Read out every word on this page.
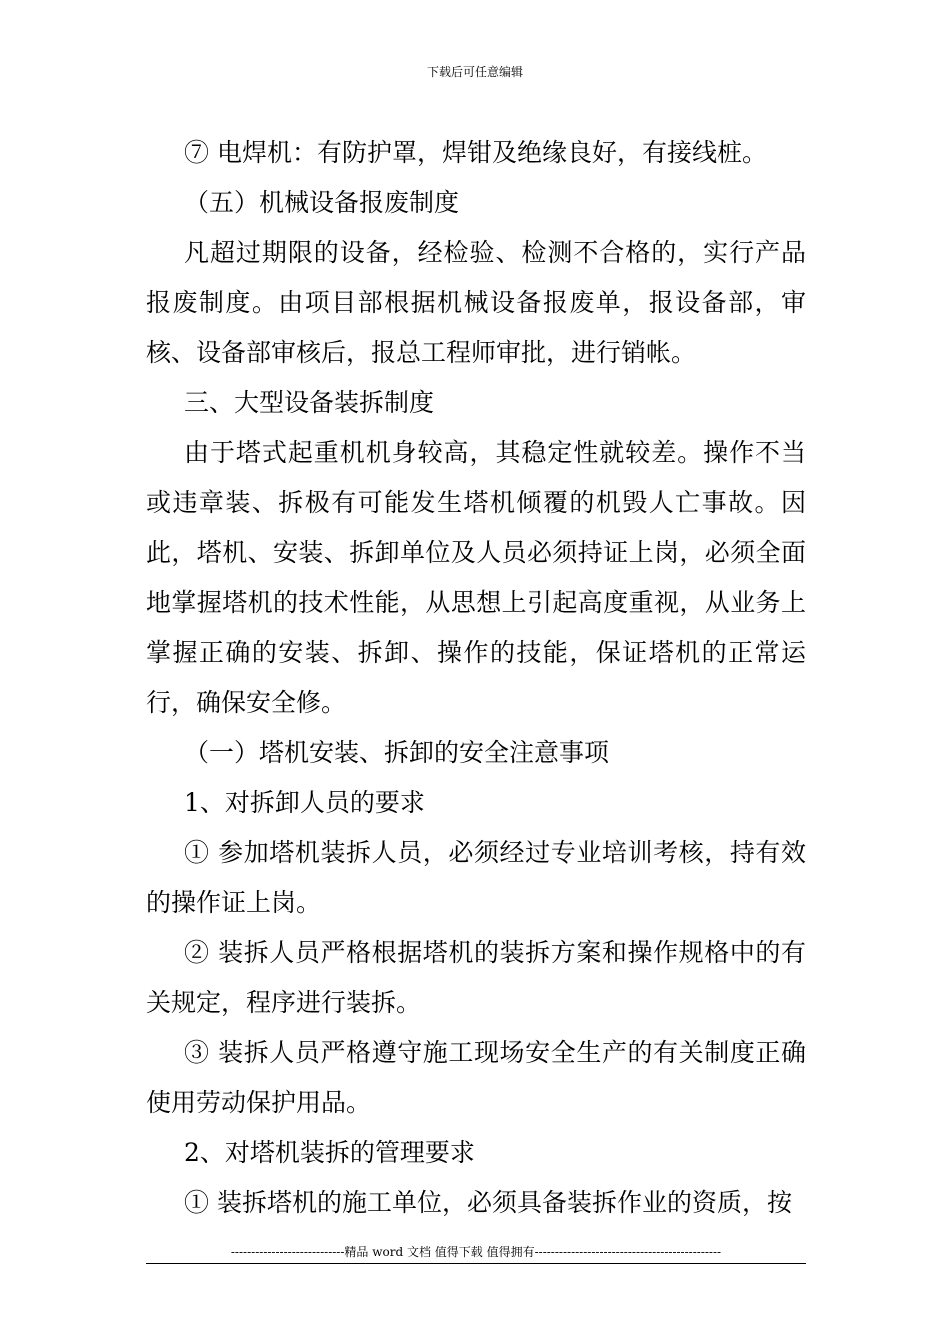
下载后可任意编辑

⑦ 电焊机：有防护罩，焊钳及绝缘良好，有接线桩。

（五）机械设备报废制度

凡超过期限的设备，经检验、检测不合格的，实行产品报废制度。由项目部根据机械设备报废单，报设备部，审核、设备部审核后，报总工程师审批，进行销帐。

三、大型设备装拆制度

由于塔式起重机机身较高，其稳定性就较差。操作不当或违章装、拆极有可能发生塔机倾覆的机毁人亡事故。因此，塔机、安装、拆卸单位及人员必须持证上岗，必须全面地掌握塔机的技术性能，从思想上引起高度重视，从业务上掌握正确的安装、拆卸、操作的技能，保证塔机的正常运行，确保安全修。

（一）塔机安装、拆卸的安全注意事项

1、对拆卸人员的要求

① 参加塔机装拆人员，必须经过专业培训考核，持有效的操作证上岗。

② 装拆人员严格根据塔机的装拆方案和操作规格中的有关规定，程序进行装拆。

③ 装拆人员严格遵守施工现场安全生产的有关制度正确使用劳动保护用品。

2、对塔机装拆的管理要求

① 装拆塔机的施工单位，必须具备装拆作业的资质，按

----------------------------精品 word 文档 值得下载 值得拥有----------------------------------------------
